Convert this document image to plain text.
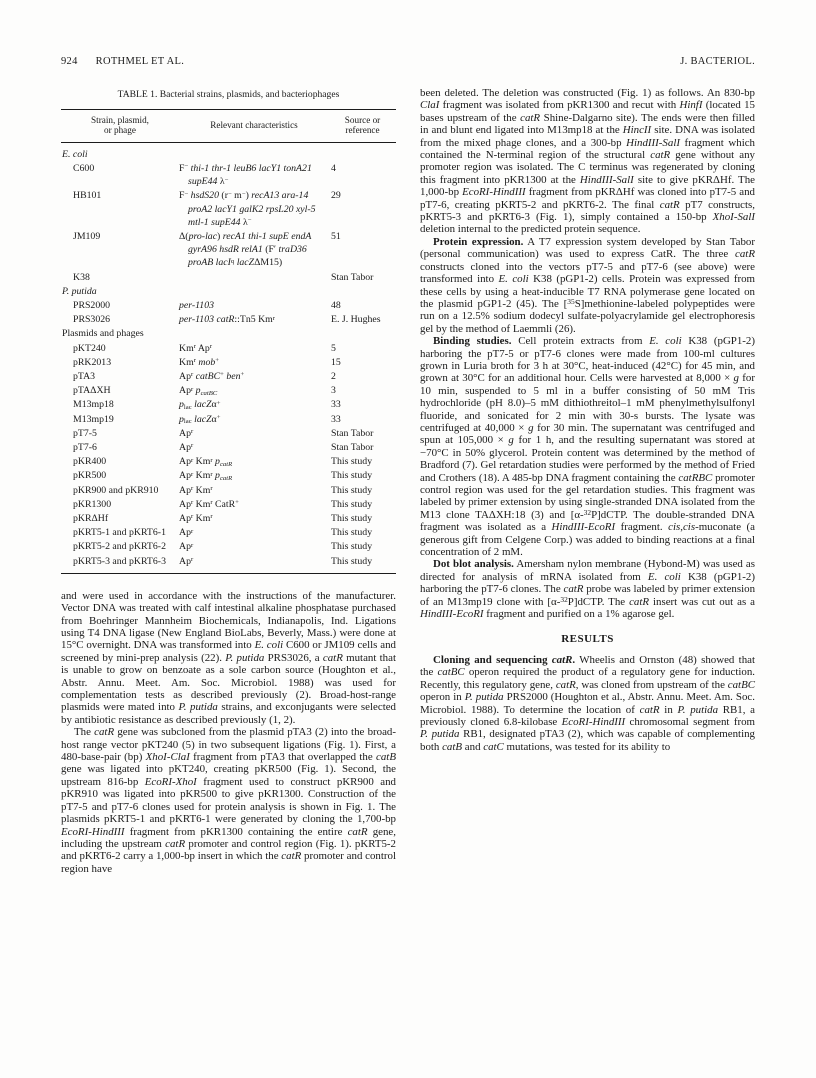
924 ROTHMEL ET AL.	J. BACTERIOL.
TABLE 1. Bacterial strains, plasmids, and bacteriophages
Strain, plasmid,
or phage	Relevant characteristics	Source or
reference
E. coli		
C600	F− thi-1 thr-1 leuB6 lacY1 tonA21 supE44 λ−	4
HB101	F− hsdS20 (r− m−) recA13 ara-14 proA2 lacY1 galK2 rpsL20 xyl-5 mtl-1 supE44 λ−	29
JM109	Δ(pro-lac) recA1 thi-1 supE endA gyrA96 hsdR relA1 (F′ traD36 proAB lacI$^q$ lacZΔM15)	51
K38		Stan Tabor
P. putida		
PRS2000	per-1103	48
PRS3026	per-1103 catR::Tn5 Km$^r$	E. J. Hughes
Plasmids and phages		
pKT240	Km$^r$ Ap$^r$	5
pRK2013	Km$^r$ mob+	15
pTA3	Ap$^r$ catBC+ ben+	2
pTAΔXH	Ap$^r$ $p_{catBC}$	3
M13mp18	$p_{lac}$ lacZα+	33
M13mp19	$p_{lac}$ lacZα+	33
pT7-5	Ap$^r$	Stan Tabor
pT7-6	Ap$^r$	Stan Tabor
pKR400	Ap$^r$ Km$^r$ $p_{catR}$	This study
pKR500	Ap$^r$ Km$^r$ $p_{catR}$	This study
pKR900 and pKR910	Ap$^r$ Km$^r$	This study
pKR1300	Ap$^r$ Km$^r$ CatR+	This study
pKRΔHf	Ap$^r$ Km$^r$	This study
pKRT5-1 and pKRT6-1	Ap$^r$	This study
pKRT5-2 and pKRT6-2	Ap$^r$	This study
pKRT5-3 and pKRT6-3	Ap$^r$	This study

and were used in accordance with the instructions of the manufacturer. Vector DNA was treated with calf intestinal alkaline phosphatase purchased from Boehringer Mannheim Biochemicals, Indianapolis, Ind. Ligations using T4 DNA ligase (New England BioLabs, Beverly, Mass.) were done at 15°C overnight. DNA was transformed into E. coli C600 or JM109 cells and screened by mini-prep analysis (22). P. putida PRS3026, a catR mutant that is unable to grow on benzoate as a sole carbon source (Houghton et al., Abstr. Annu. Meet. Am. Soc. Microbiol. 1988) was used for complementation tests as described previously (2). Broad-host-range plasmids were mated into P. putida strains, and exconjugants were selected by antibiotic resistance as described previously (1, 2).

The catR gene was subcloned from the plasmid pTA3 (2) into the broad-host range vector pKT240 (5) in two subsequent ligations (Fig. 1). First, a 480-base-pair (bp) XhoI-ClaI fragment from pTA3 that overlapped the catB gene was ligated into pKT240, creating pKR500 (Fig. 1). Second, the upstream 816-bp EcoRI-XhoI fragment used to construct pKR900 and pKR910 was ligated into pKR500 to give pKR1300. Construction of the pT7-5 and pT7-6 clones used for protein analysis is shown in Fig. 1. The plasmids pKRT5-1 and pKRT6-1 were generated by cloning the 1,700-bp EcoRI-HindIII fragment from pKR1300 containing the entire catR gene, including the upstream catR promoter and control region (Fig. 1). pKRT5-2 and pKRT6-2 carry a 1,000-bp insert in which the catR promoter and control region have

been deleted. The deletion was constructed (Fig. 1) as follows. An 830-bp ClaI fragment was isolated from pKR1300 and recut with HinfI (located 15 bases upstream of the catR Shine-Dalgarno site). The ends were then filled in and blunt end ligated into M13mp18 at the HincII site. DNA was isolated from the mixed phage clones, and a 300-bp HindIII-SalI fragment which contained the N-terminal region of the structural catR gene without any promoter region was isolated. The C terminus was regenerated by cloning this fragment into pKR1300 at the HindIII-SalI site to give pKRΔHf. The 1,000-bp EcoRI-HindIII fragment from pKRΔHf was cloned into pT7-5 and pT7-6, creating pKRT5-2 and pKRT6-2. The final catR pT7 constructs, pKRT5-3 and pKRT6-3 (Fig. 1), simply contained a 150-bp XhoI-SalI deletion internal to the predicted protein sequence.

Protein expression. A T7 expression system developed by Stan Tabor (personal communication) was used to express CatR. The three catR constructs cloned into the vectors pT7-5 and pT7-6 (see above) were transformed into E. coli K38 (pGP1-2) cells. Protein was expressed from these cells by using a heat-inducible T7 RNA polymerase gene located on the plasmid pGP1-2 (45). The [$^{35}$S]methionine-labeled polypeptides were run on a 12.5% sodium dodecyl sulfate-polyacrylamide gel electrophoresis gel by the method of Laemmli (26).

Binding studies. Cell protein extracts from E. coli K38 (pGP1-2) harboring the pT7-5 or pT7-6 clones were made from 100-ml cultures grown in Luria broth for 3 h at 30°C, heat-induced (42°C) for 45 min, and grown at 30°C for an additional hour. Cells were harvested at 8,000 × g for 10 min, suspended to 5 ml in a buffer consisting of 50 mM Tris hydrochloride (pH 8.0)–5 mM dithiothreitol–1 mM phenylmethylsulfonyl fluoride, and sonicated for 2 min with 30-s bursts. The lysate was centrifuged at 40,000 × g for 30 min. The supernatant was centrifuged and spun at 105,000 × g for 1 h, and the resulting supernatant was stored at −70°C in 50% glycerol. Protein content was determined by the method of Bradford (7). Gel retardation studies were performed by the method of Fried and Crothers (18). A 485-bp DNA fragment containing the catRBC promoter control region was used for the gel retardation studies. This fragment was labeled by primer extension by using single-stranded DNA isolated from the M13 clone TAΔXH:18 (3) and [α-$^{32}$P]dCTP. The double-stranded DNA fragment was isolated as a HindIII-EcoRI fragment. cis,cis-muconate (a generous gift from Celgene Corp.) was added to binding reactions at a final concentration of 2 mM.

Dot blot analysis. Amersham nylon membrane (Hybond-M) was used as directed for analysis of mRNA isolated from E. coli K38 (pGP1-2) harboring the pT7-6 clones. The catR probe was labeled by primer extension of an M13mp19 clone with [α-$^{32}$P]dCTP. The catR insert was cut out as a HindIII-EcoRI fragment and purified on a 1% agarose gel.

RESULTS

Cloning and sequencing catR. Wheelis and Ornston (48) showed that the catBC operon required the product of a regulatory gene for induction. Recently, this regulatory gene, catR, was cloned from upstream of the catBC operon in P. putida PRS2000 (Houghton et al., Abstr. Annu. Meet. Am. Soc. Microbiol. 1988). To determine the location of catR in P. putida RB1, a previously cloned 6.8-kilobase EcoRI-HindIII chromosomal segment from P. putida RB1, designated pTA3 (2), which was capable of complementing both catB and catC mutations, was tested for its ability to
